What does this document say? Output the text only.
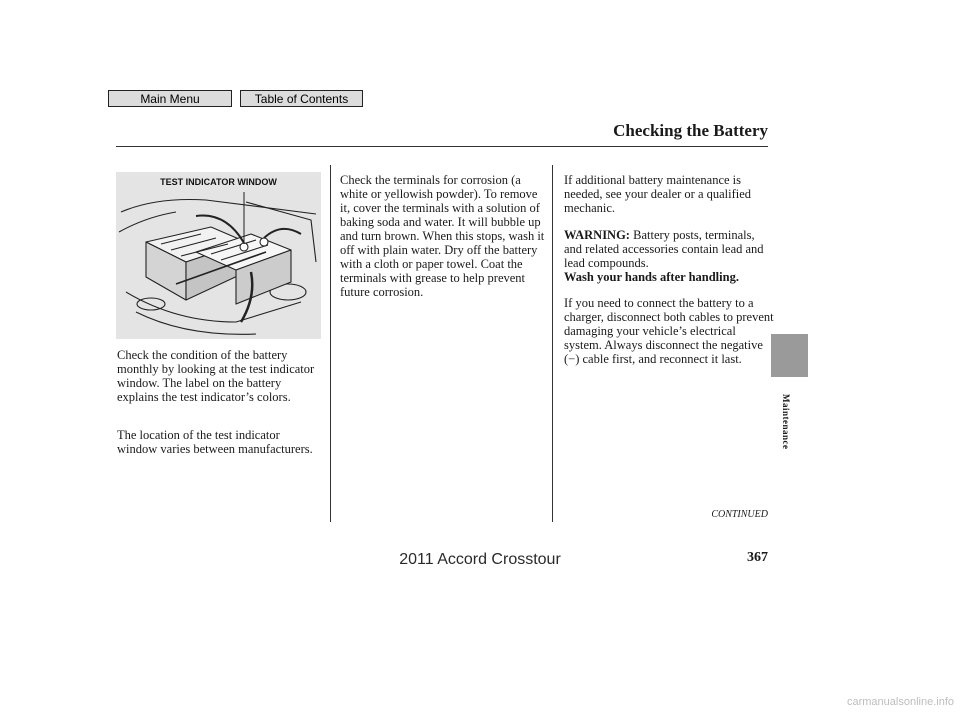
Main Menu	Table of Contents
Checking the Battery
TEST INDICATOR WINDOW

Check the condition of the battery monthly by looking at the test indicator window. The label on the battery explains the test indicator’s colors.

The location of the test indicator window varies between manufacturers.

Check the terminals for corrosion (a white or yellowish powder). To remove it, cover the terminals with a solution of baking soda and water. It will bubble up and turn brown. When this stops, wash it off with plain water. Dry off the battery with a cloth or paper towel. Coat the terminals with grease to help prevent future corrosion.

If additional battery maintenance is needed, see your dealer or a qualified mechanic.

WARNING: Battery posts, terminals, and related accessories contain lead and lead compounds.
Wash your hands after handling.

If you need to connect the battery to a charger, disconnect both cables to prevent damaging your vehicle’s electrical system. Always disconnect the negative (−) cable first, and reconnect it last.

CONTINUED
367
Maintenance
2011 Accord Crosstour
carmanualsonline.info
